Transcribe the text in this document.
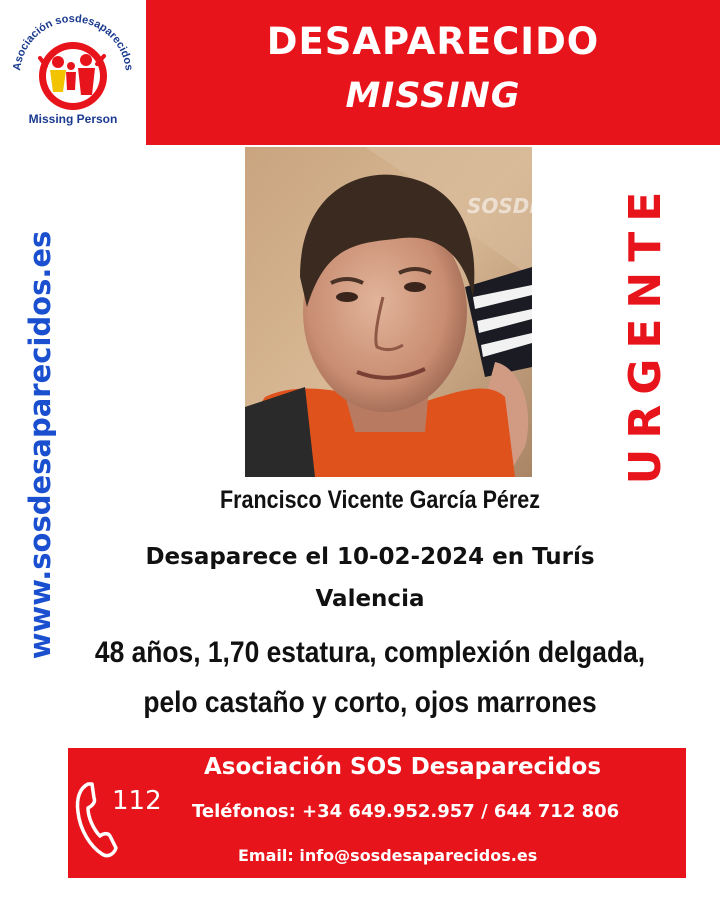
Asociación sosdesaparecidos
Missing Person
DESAPARECIDO
MISSING
www.sosdesaparecidos.es	URGENTE
SOSDES
Francisco Vicente García Pérez
Desaparece el 10-02-2024 en Turís
Valencia
48 años, 1,70 estatura, complexión delgada,
pelo castaño y corto, ojos marrones
112
Asociación SOS Desaparecidos
Teléfonos: +34 649.952.957 / 644 712 806
Email: info@sosdesaparecidos.es
